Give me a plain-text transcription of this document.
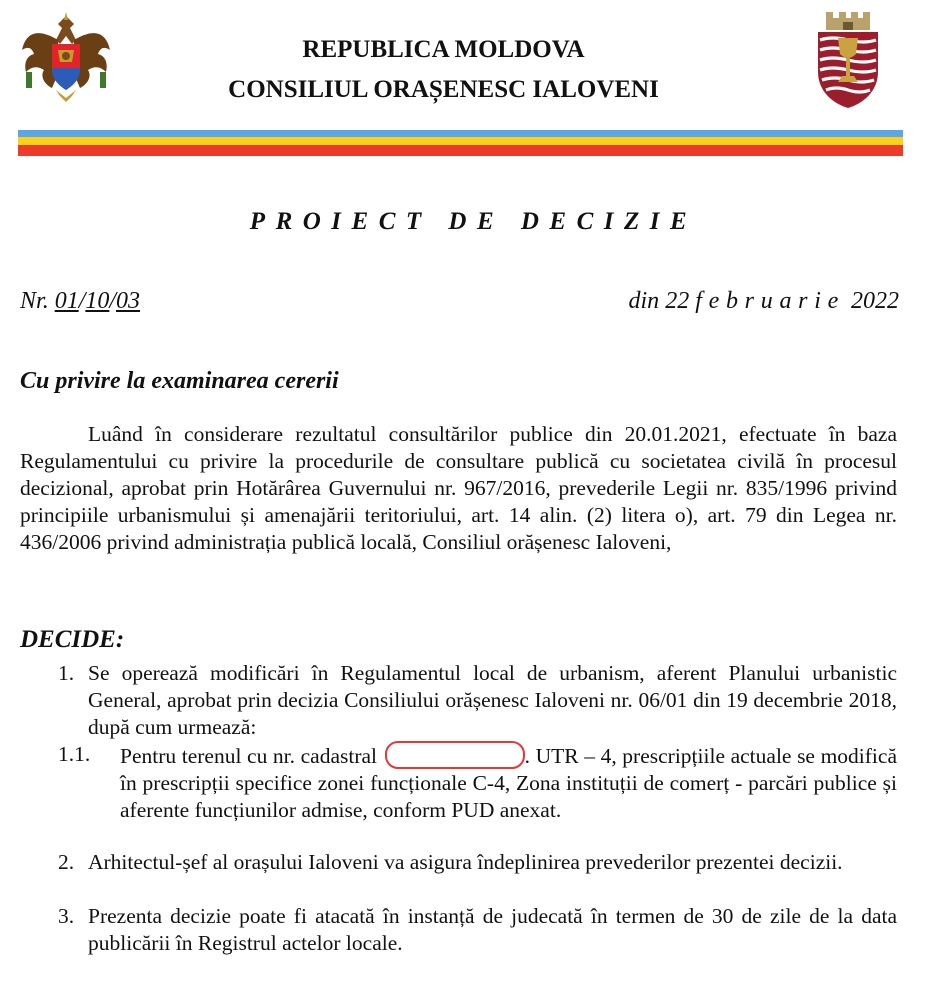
REPUBLICA MOLDOVA
CONSILIUL ORAȘENESC IALOVENI
PROIECT DE DECIZIE
Nr. 01/10/03	din 22 februarie 2022
Cu privire la examinarea cererii

Luând în considerare rezultatul consultărilor publice din 20.01.2021, efectuate în baza Regulamentului cu privire la procedurile de consultare publică cu societatea civilă în procesul decizional, aprobat prin Hotărârea Guvernului nr. 967/2016, prevederile Legii nr. 835/1996 privind principiile urbanismului și amenajării teritoriului, art. 14 alin. (2) litera o), art. 79 din Legea nr. 436/2006 privind administrația publică locală, Consiliul orășenesc Ialoveni,

DECIDE:
1. Se operează modificări în Regulamentul local de urbanism, aferent Planului urbanistic General, aprobat prin decizia Consiliului orășenesc Ialoveni nr. 06/01 din 19 decembrie 2018, după cum urmează:

1.1. Pentru terenul cu nr. cadastral	. UTR – 4, prescripțiile actuale se modifică în prescripții specifice zonei funcționale C-4, Zona instituții de comerț - parcări publice și aferente funcțiunilor admise, conform PUD anexat.

2. Arhitectul-șef al orașului Ialoveni va asigura îndeplinirea prevederilor prezentei decizii.

3. Prezenta decizie poate fi atacată în instanță de judecată în termen de 30 de zile de la data publicării în Registrul actelor locale.
